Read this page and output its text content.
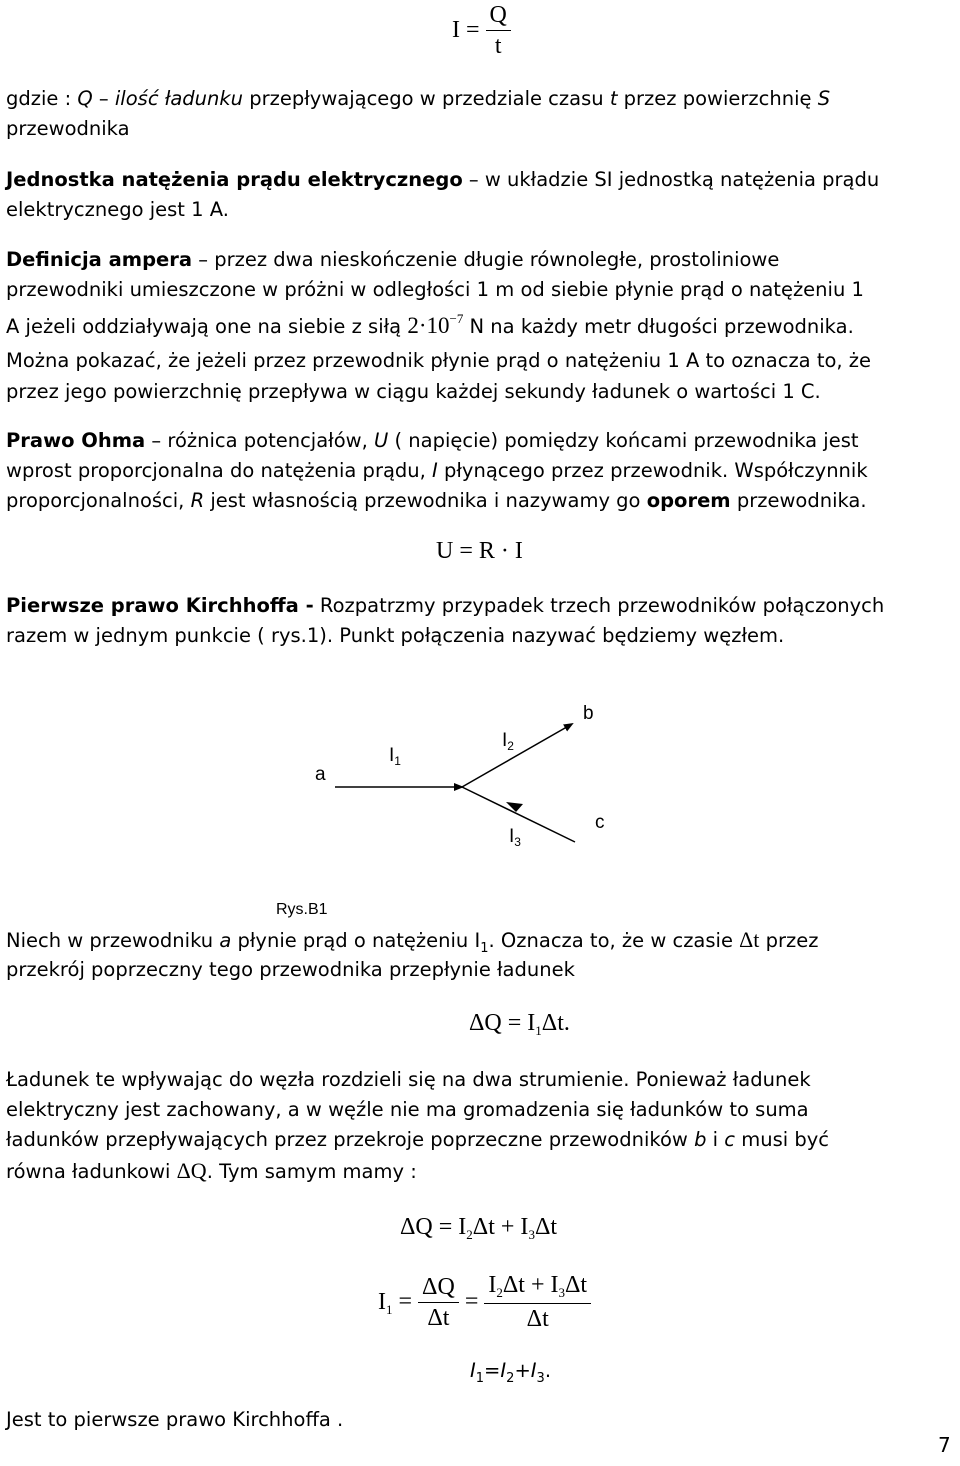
$I = \frac{Q}{t}$
gdzie : Q – ilość ładunku przepływającego w przedziale czasu t przez powierzchnię S
przewodnika
Jednostka natężenia prądu elektrycznego – w układzie SI jednostką natężenia prądu
elektrycznego jest 1 A.
Definicja ampera – przez dwa nieskończenie długie równoległe, prostoliniowe
przewodniki umieszczone w próżni w odległości 1 m od siebie płynie prąd o natężeniu 1
A jeżeli oddziaływają one na siebie z siłą $2\cdot 10^{-7}$ N na każdy metr długości przewodnika.
Można pokazać, że jeżeli przez przewodnik płynie prąd o natężeniu 1 A to oznacza to, że
przez jego powierzchnię przepływa w ciągu każdej sekundy ładunek o wartości 1 C.
Prawo Ohma – różnica potencjałów, U ( napięcie) pomiędzy końcami przewodnika jest
wprost proporcjonalna do natężenia prądu, I płynącego przez przewodnik. Współczynnik
proporcjonalności, R jest własnością przewodnika i nazywamy go oporem przewodnika.
U = R · I
Pierwsze prawo Kirchhoffa - Rozpatrzmy przypadek trzech przewodników połączonych
razem w jednym punkcie ( rys.1). Punkt połączenia nazywać będziemy węzłem.
a
$I_1$
$I_2$
b
c
$I_3$
Rys.B1
Niech w przewodniku a płynie prąd o natężeniu $I_1$. Oznacza to, że w czasie Δt przez
przekrój poprzeczny tego przewodnika przepłynie ładunek
$\Delta Q = I_1\Delta t$.
Ładunek te wpływając do węzła rozdzieli się na dwa strumienie. Ponieważ ładunek
elektryczny jest zachowany, a w węźle nie ma gromadzenia się ładunków to suma
ładunków przepływających przez przekroje poprzeczne przewodników b i c musi być
równa ładunkowi ΔQ. Tym samym mamy :
$\Delta Q = I_2\Delta t + I_3\Delta t$
$I_1 = \frac{\Delta Q}{\Delta t} = \frac{I_2\Delta t + I_3\Delta t}{\Delta t}$
$I_1=I_2+I_3$.
Jest to pierwsze prawo Kirchhoffa .
7
